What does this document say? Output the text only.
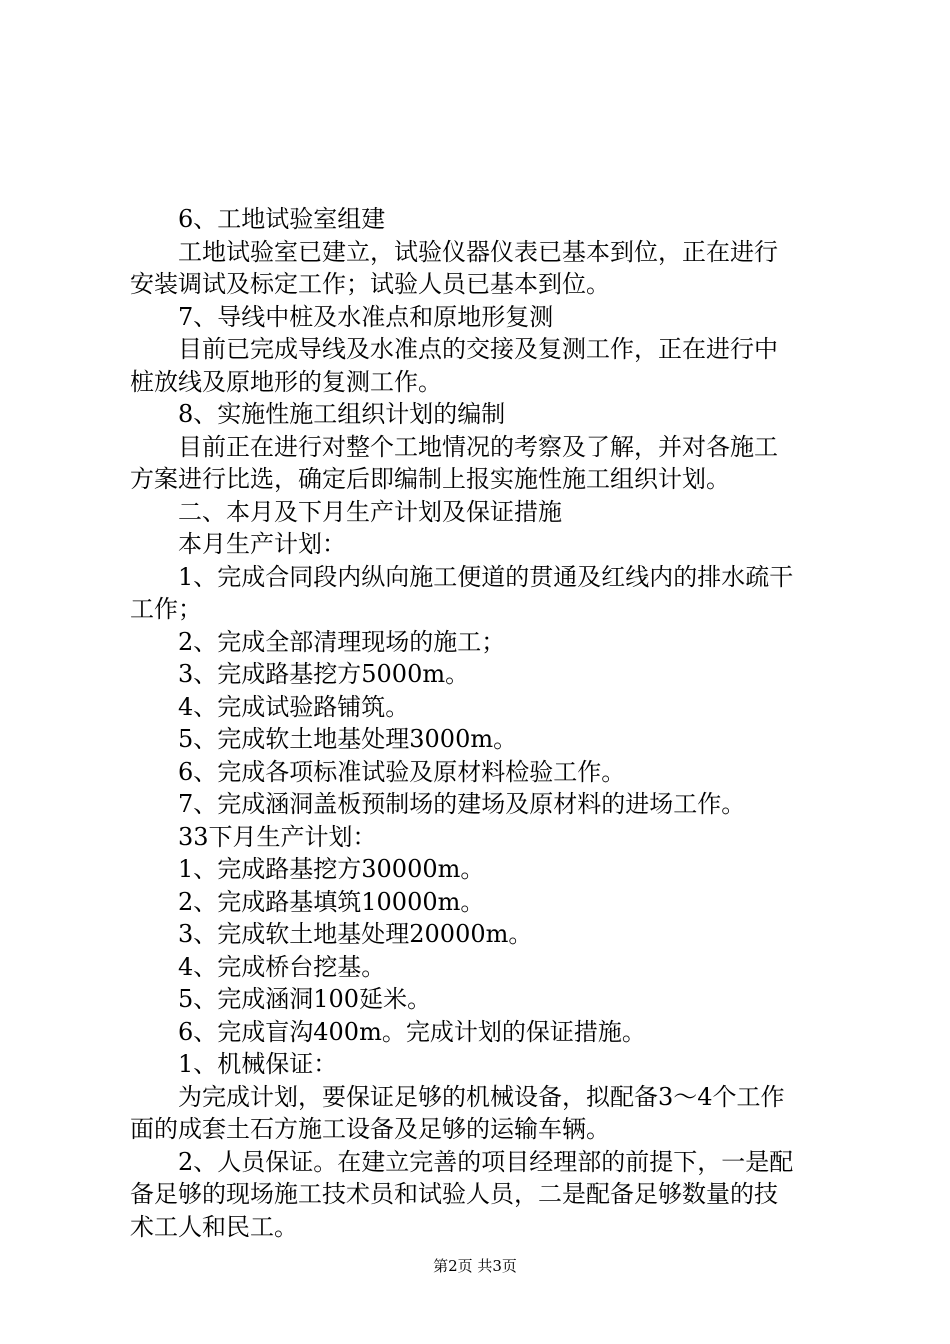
6、工地试验室组建
工地试验室已建立，试验仪器仪表已基本到位，正在进行
安装调试及标定工作；试验人员已基本到位。
7、导线中桩及水准点和原地形复测
目前已完成导线及水准点的交接及复测工作，正在进行中
桩放线及原地形的复测工作。
8、实施性施工组织计划的编制
目前正在进行对整个工地情况的考察及了解，并对各施工
方案进行比选，确定后即编制上报实施性施工组织计划。
二、本月及下月生产计划及保证措施
本月生产计划：
1、完成合同段内纵向施工便道的贯通及红线内的排水疏干
工作；
2、完成全部清理现场的施工；
3、完成路基挖方5000m。
4、完成试验路铺筑。
5、完成软土地基处理3000m。
6、完成各项标准试验及原材料检验工作。
7、完成涵洞盖板预制场的建场及原材料的进场工作。
33下月生产计划：
1、完成路基挖方30000m。
2、完成路基填筑10000m。
3、完成软土地基处理20000m。
4、完成桥台挖基。
5、完成涵洞100延米。
6、完成盲沟400m。完成计划的保证措施。
1、机械保证：
为完成计划，要保证足够的机械设备，拟配备3～4个工作
面的成套土石方施工设备及足够的运输车辆。
2、人员保证。在建立完善的项目经理部的前提下，一是配
备足够的现场施工技术员和试验人员，二是配备足够数量的技
术工人和民工。
第2页 共3页
